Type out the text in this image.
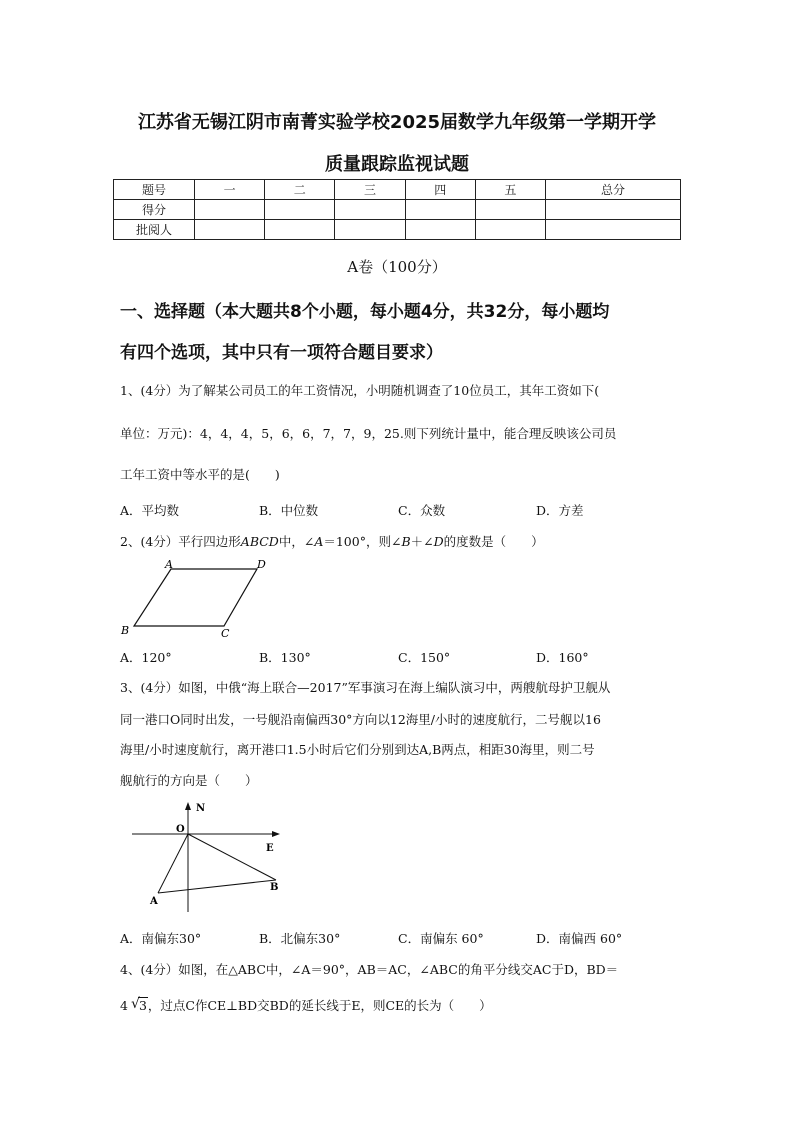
江苏省无锡江阴市南菁实验学校2025届数学九年级第一学期开学
质量跟踪监视试题
题号	一	二	三	四	五	总分
得分						
批阅人						
A卷（100分）
一、选择题（本大题共8个小题，每小题4分，共32分，每小题均
有四个选项，其中只有一项符合题目要求）
1、(4分）为了解某公司员工的年工资情况，小明随机调查了10位员工，其年工资如下(
单位：万元)：4，4，4，5，6，6，7，7，9，25.则下列统计量中，能合理反映该公司员
工年工资中等水平的是(　　)
A．平均数	B．中位数	C．众数	D．方差
2、(4分）平行四边形ABCD中，∠A＝100°，则∠B＋∠D的度数是（　　）
A	D
B	C
A．120°	B．130°	C．150°	D．160°
3、(4分）如图，中俄“海上联合—2017”军事演习在海上编队演习中，两艘航母护卫舰从
同一港口O同时出发，一号舰沿南偏西30°方向以12海里/小时的速度航行，二号舰以16
海里/小时速度航行，离开港口1.5小时后它们分别到达A,B两点，相距30海里，则二号
舰航行的方向是（　　）
N
O
E
A
B
A．南偏东30°	B．北偏东30°	C．南偏东 60°	D．南偏西 60°
4、(4分）如图，在△ABC中，∠A＝90°，AB＝AC，∠ABC的角平分线交AC于D，BD＝
4 √ 3，过点C作CE⊥BD交BD的延长线于E，则CE的长为（　　）
